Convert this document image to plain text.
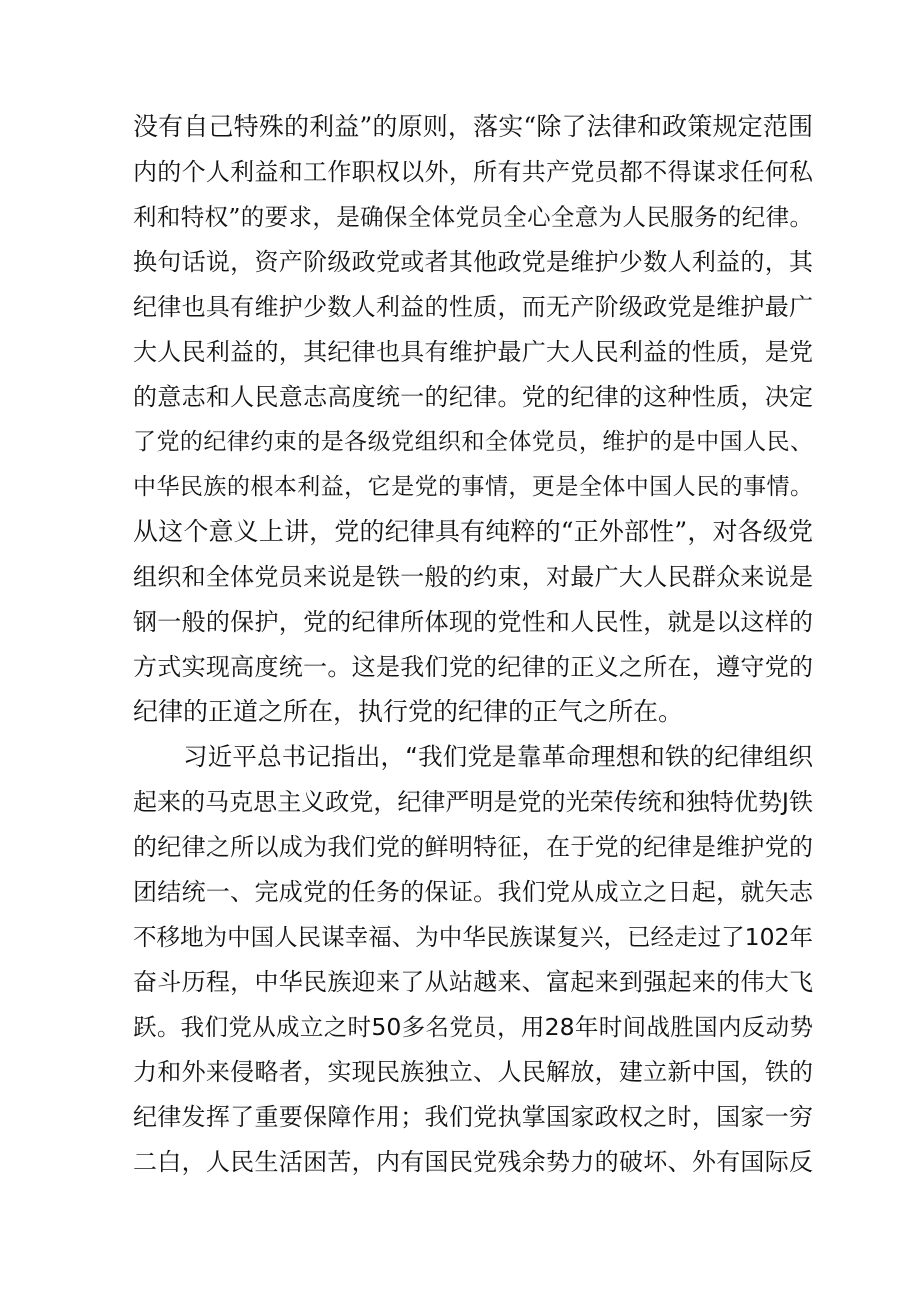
没有自己特殊的利益”的原则，落实“除了法律和政策规定范围
内的个人利益和工作职权以外，所有共产党员都不得谋求任何私
利和特权”的要求，是确保全体党员全心全意为人民服务的纪律。
换句话说，资产阶级政党或者其他政党是维护少数人利益的，其
纪律也具有维护少数人利益的性质，而无产阶级政党是维护最广
大人民利益的，其纪律也具有维护最广大人民利益的性质，是党
的意志和人民意志高度统一的纪律。党的纪律的这种性质，决定
了党的纪律约束的是各级党组织和全体党员，维护的是中国人民、
中华民族的根本利益，它是党的事情，更是全体中国人民的事情。
从这个意义上讲，党的纪律具有纯粹的“正外部性”，对各级党
组织和全体党员来说是铁一般的约束，对最广大人民群众来说是
钢一般的保护，党的纪律所体现的党性和人民性，就是以这样的
方式实现高度统一。这是我们党的纪律的正义之所在，遵守党的
纪律的正道之所在，执行党的纪律的正气之所在。
习近平总书记指出，“我们党是靠革命理想和铁的纪律组织
起来的马克思主义政党，纪律严明是党的光荣传统和独特优势J铁
的纪律之所以成为我们党的鲜明特征，在于党的纪律是维护党的
团结统一、完成党的任务的保证。我们党从成立之日起，就矢志
不移地为中国人民谋幸福、为中华民族谋复兴，已经走过了102年
奋斗历程，中华民族迎来了从站越来、富起来到强起来的伟大飞
跃。我们党从成立之时50多名党员，用28年时间战胜国内反动势
力和外来侵略者，实现民族独立、人民解放，建立新中国，铁的
纪律发挥了重要保障作用；我们党执掌国家政权之时，国家一穷
二白，人民生活困苦，内有国民党残余势力的破坏、外有国际反
